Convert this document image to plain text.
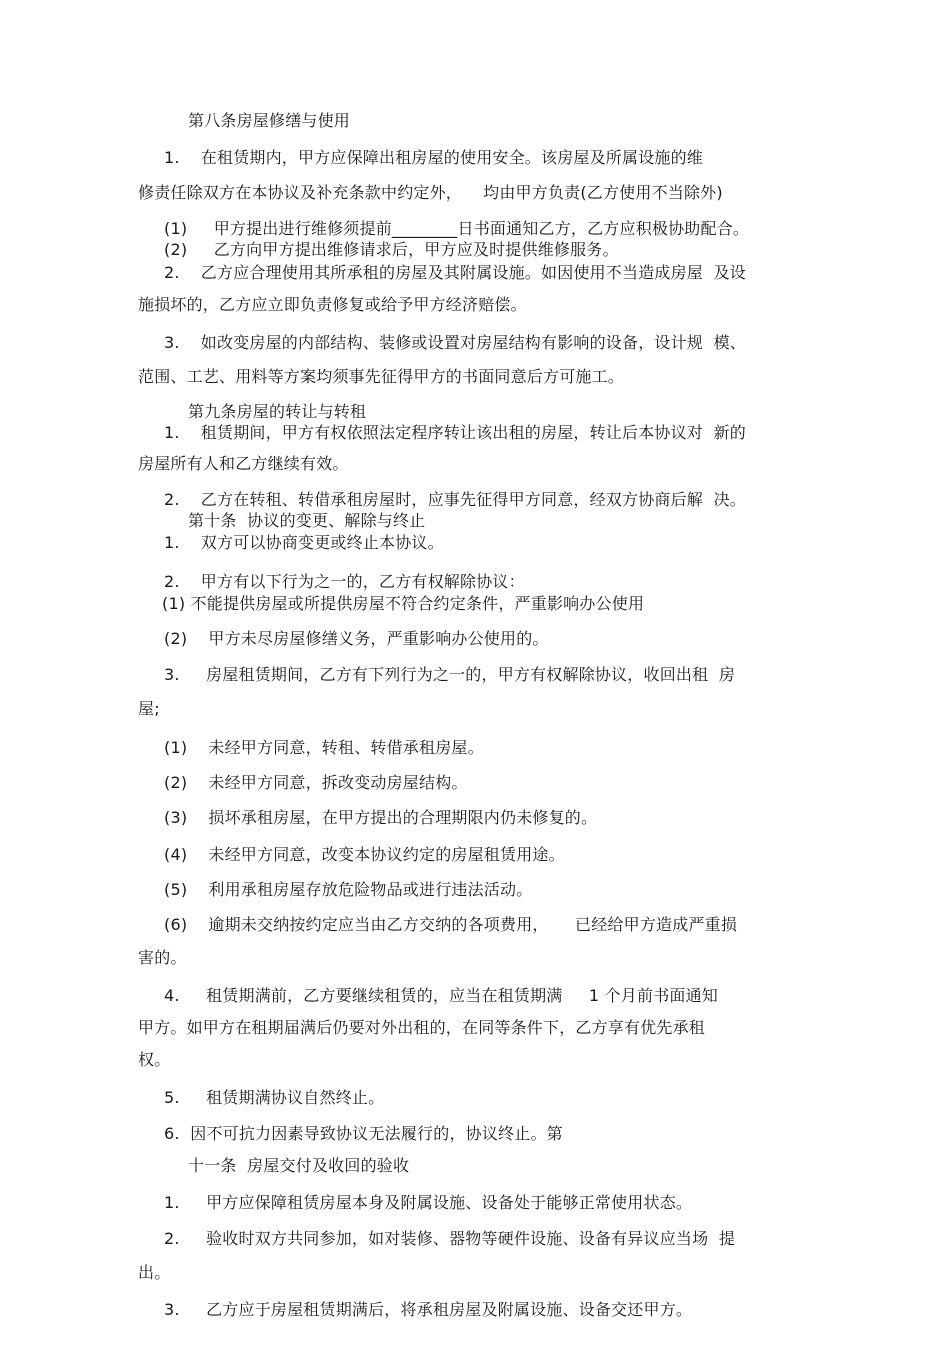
第八条房屋修缮与使用
1.    在租赁期内，甲方应保障出租房屋的使用安全。该房屋及所属设施的维
修责任除双方在本协议及补充条款中约定外，    均由甲方负责(乙方使用不当除外)
(1)     甲方提出进行维修须提前________日书面通知乙方，乙方应积极协助配合。
(2)     乙方向甲方提出维修请求后，甲方应及时提供维修服务。
2.    乙方应合理使用其所承租的房屋及其附属设施。如因使用不当造成房屋  及设
施损坏的，乙方应立即负责修复或给予甲方经济赔偿。
3.    如改变房屋的内部结构、装修或设置对房屋结构有影响的设备，设计规  模、
范围、工艺、用料等方案均须事先征得甲方的书面同意后方可施工。
第九条房屋的转让与转租
1.    租赁期间，甲方有权依照法定程序转让该出租的房屋，转让后本协议对  新的
房屋所有人和乙方继续有效。
2.    乙方在转租、转借承租房屋时，应事先征得甲方同意，经双方协商后解  决。
第十条  协议的变更、解除与终止
1.    双方可以协商变更或终止本协议。
2.    甲方有以下行为之一的，乙方有权解除协议：
(1) 不能提供房屋或所提供房屋不符合约定条件，严重影响办公使用
(2)    甲方未尽房屋修缮义务，严重影响办公使用的。
3.     房屋租赁期间，乙方有下列行为之一的，甲方有权解除协议，收回出租  房
屋;
(1)    未经甲方同意，转租、转借承租房屋。
(2)    未经甲方同意，拆改变动房屋结构。
(3)    损坏承租房屋，在甲方提出的合理期限内仍未修复的。
(4)    未经甲方同意，改变本协议约定的房屋租赁用途。
(5)    利用承租房屋存放危险物品或进行违法活动。
(6)    逾期未交纳按约定应当由乙方交纳的各项费用，     已经给甲方造成严重损
害的。
4.     租赁期满前，乙方要继续租赁的，应当在租赁期满     1 个月前书面通知
甲方。如甲方在租期届满后仍要对外出租的，在同等条件下，乙方享有优先承租
权。
5.     租赁期满协议自然终止。
6.  因不可抗力因素导致协议无法履行的，协议终止。第
十一条  房屋交付及收回的验收
1.     甲方应保障租赁房屋本身及附属设施、设备处于能够正常使用状态。
2.     验收时双方共同参加，如对装修、器物等硬件设施、设备有异议应当场  提
出。
3.     乙方应于房屋租赁期满后，将承租房屋及附属设施、设备交还甲方。
